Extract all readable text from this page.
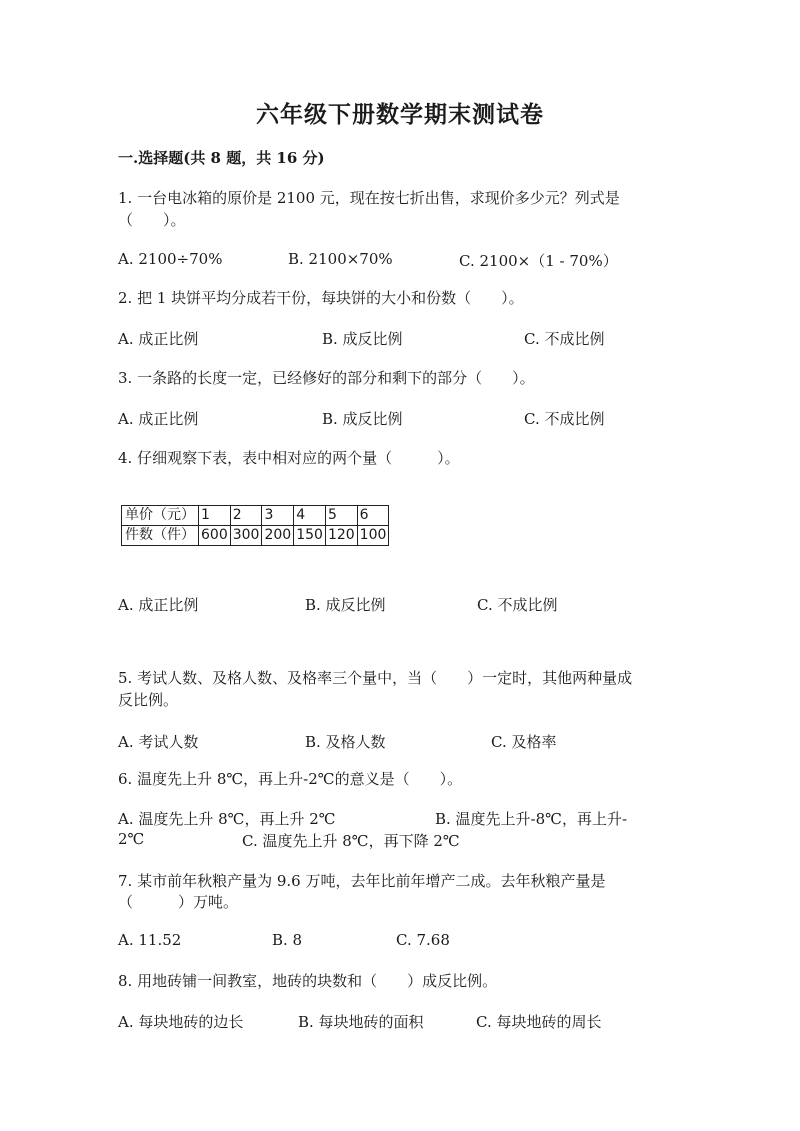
六年级下册数学期末测试卷
一.选择题(共 8 题，共 16 分)
1. 一台电冰箱的原价是 2100 元，现在按七折出售，求现价多少元？列式是
（　　）。
A. 2100÷70%	B. 2100×70%	C. 2100×（1 - 70%）
2. 把 1 块饼平均分成若干份，每块饼的大小和份数（　　）。
A. 成正比例	B. 成反比例	C. 不成比例
3. 一条路的长度一定，已经修好的部分和剩下的部分（　　）。
A. 成正比例	B. 成反比例	C. 不成比例
4. 仔细观察下表，表中相对应的两个量（　　　）。
单价（元）	1	2	3	4	5	6
件数（件）	600	300	200	150	120	100
A. 成正比例	B. 成反比例	C. 不成比例
5. 考试人数、及格人数、及格率三个量中，当（　　）一定时，其他两种量成
反比例。
A. 考试人数	B. 及格人数	C. 及格率
6. 温度先上升 8℃，再上升-2℃的意义是（　　）。
A. 温度先上升 8℃，再上升 2℃	B. 温度先上升-8℃，再上升-
2℃	C. 温度先上升 8℃，再下降 2℃
7. 某市前年秋粮产量为 9.6 万吨，去年比前年增产二成。去年秋粮产量是
（　　　）万吨。
A. 11.52	B. 8	C. 7.68
8. 用地砖铺一间教室，地砖的块数和（　　）成反比例。
A. 每块地砖的边长	B. 每块地砖的面积	C. 每块地砖的周长
